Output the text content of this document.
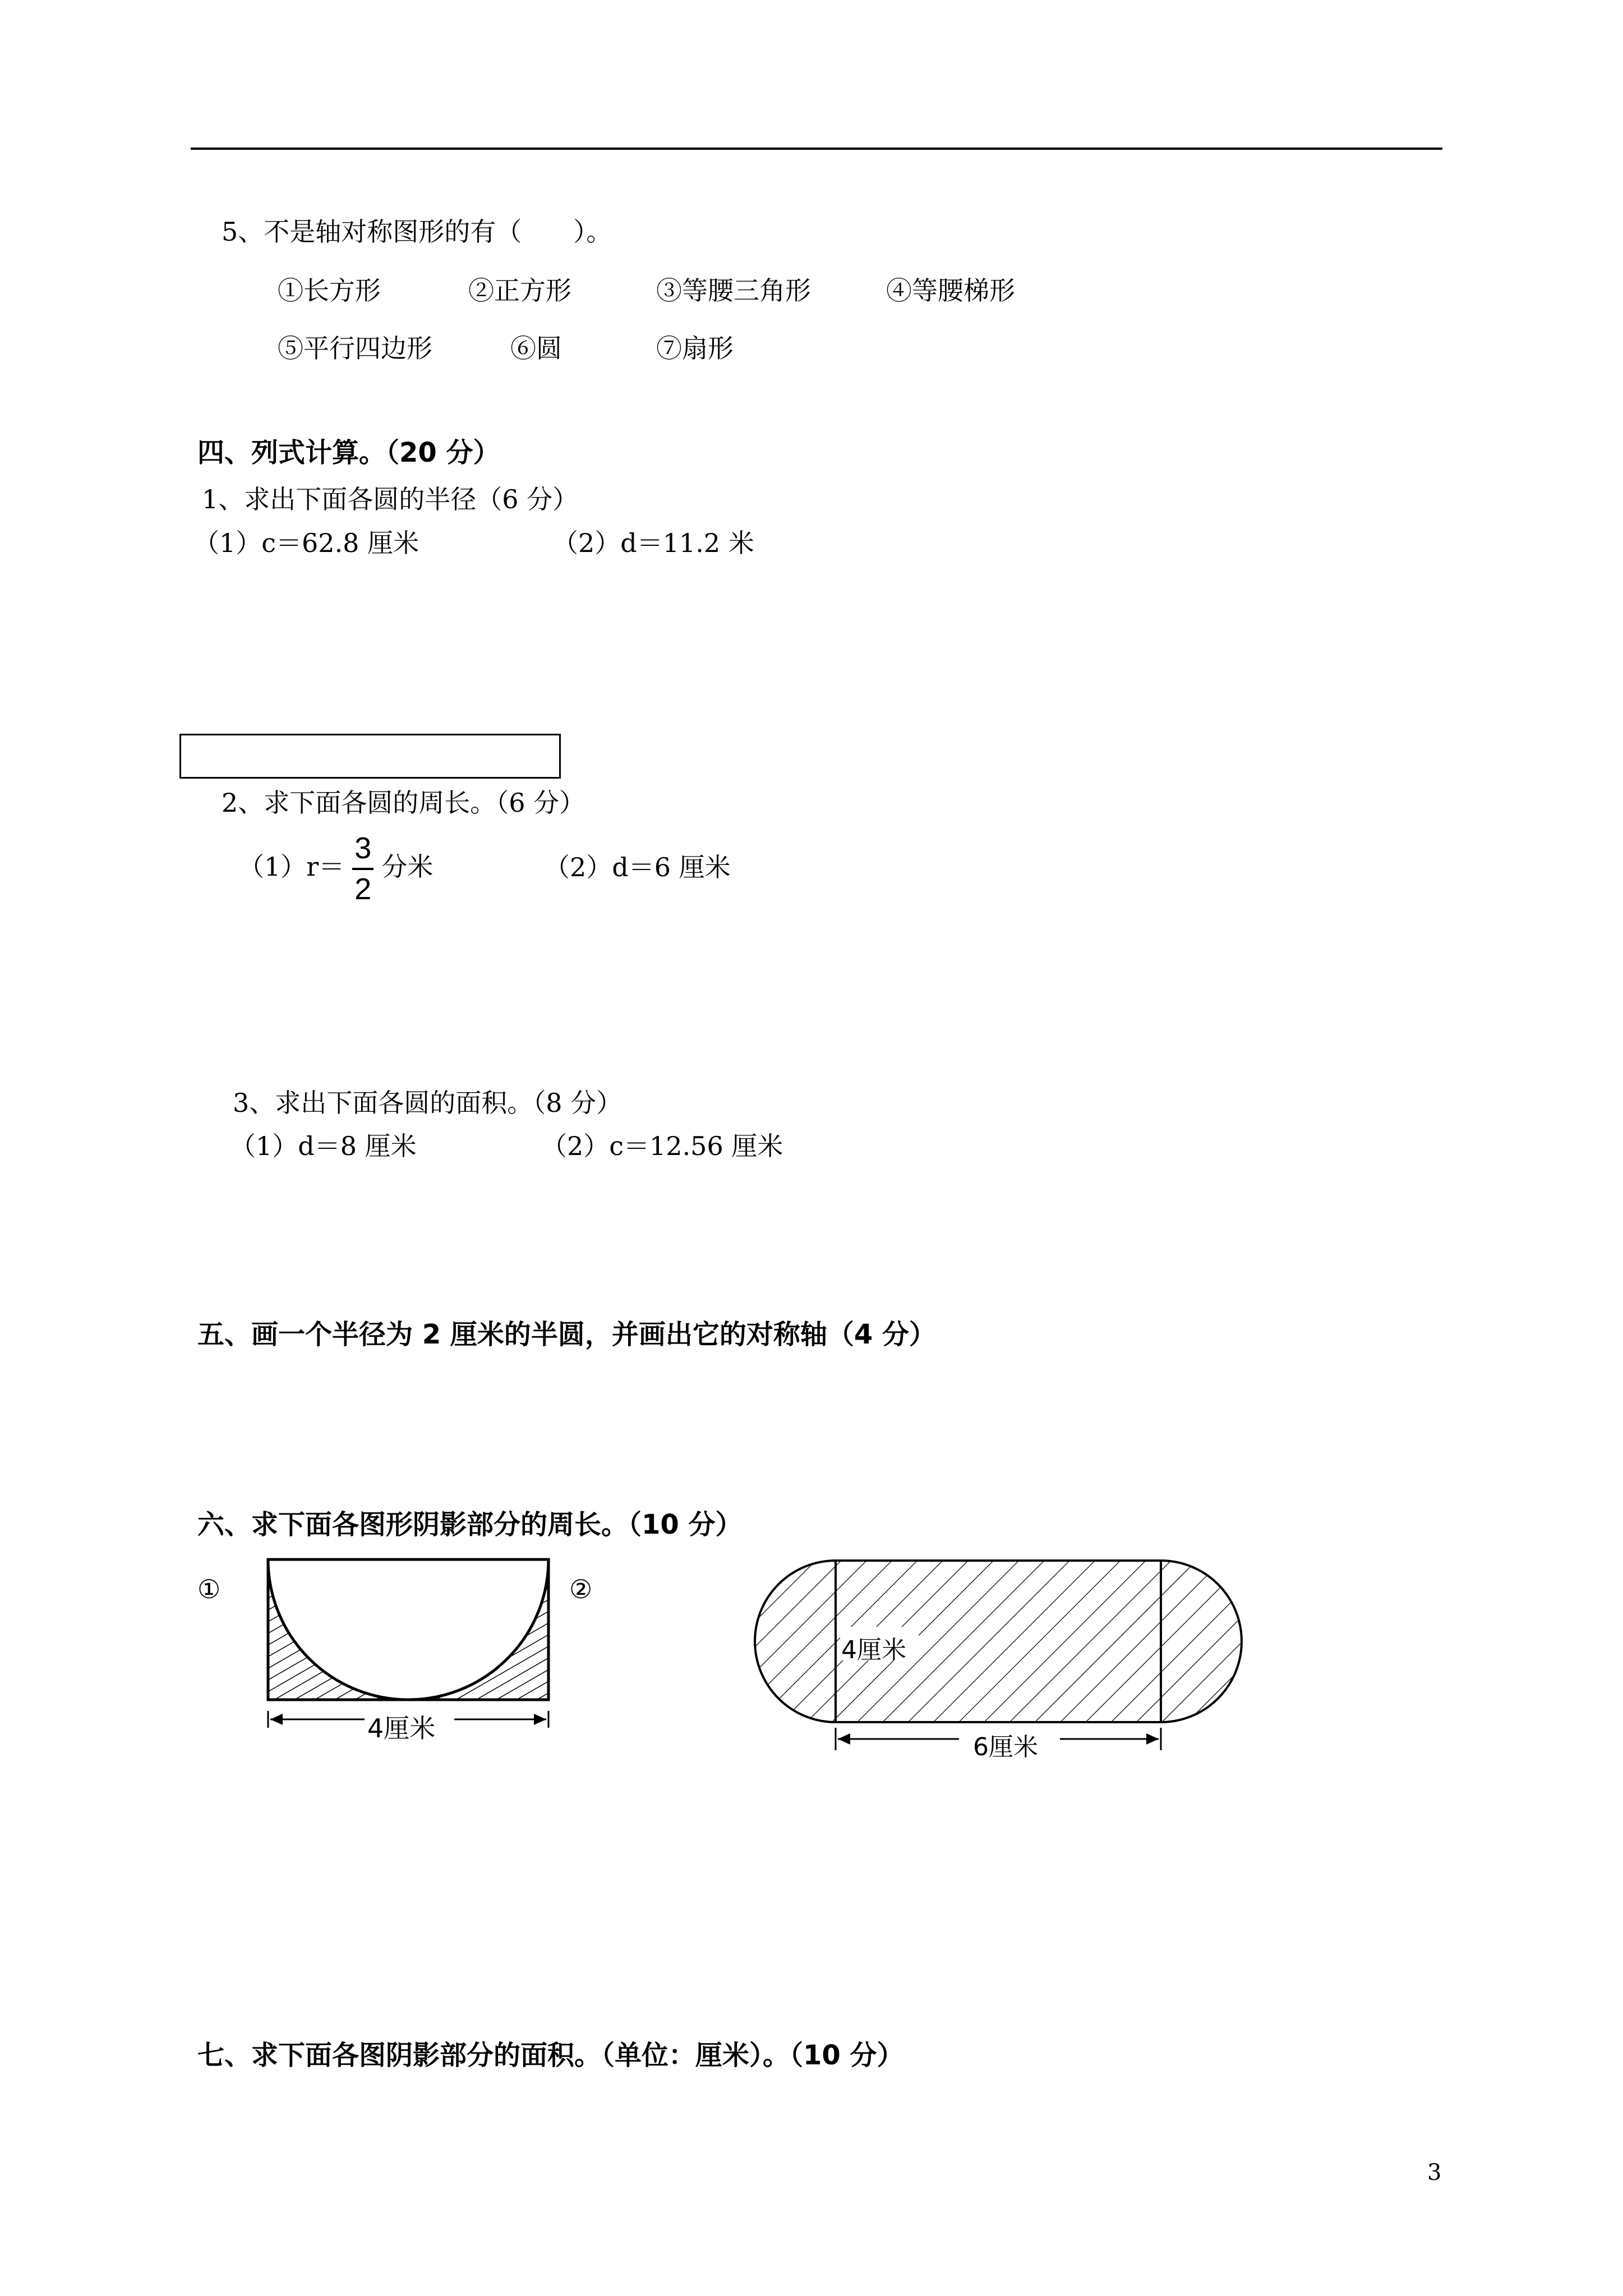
5、不是轴对称图形的有（　　）。
①长方形	②正方形	③等腰三角形	④等腰梯形
⑤平行四边形	⑥圆	⑦扇形
四、列式计算。（20 分）
1、求出下面各圆的半径（6 分）
（1）c＝62.8 厘米	（2）d＝11.2 米
2、求下面各圆的周长。（6 分）
$(1)r= \frac{3}{2}$ 分米	（2）d＝6 厘米
3、求出下面各圆的面积。（8 分）
（1）d＝8 厘米	（2）c＝12.56 厘米
五、画一个半径为 2 厘米的半圆，并画出它的对称轴（4 分）
六、求下面各图形阴影部分的周长。（10 分）
①	②
4厘米
4厘米
6厘米
七、求下面各图阴影部分的面积。（单位：厘米）。（10 分）
3
